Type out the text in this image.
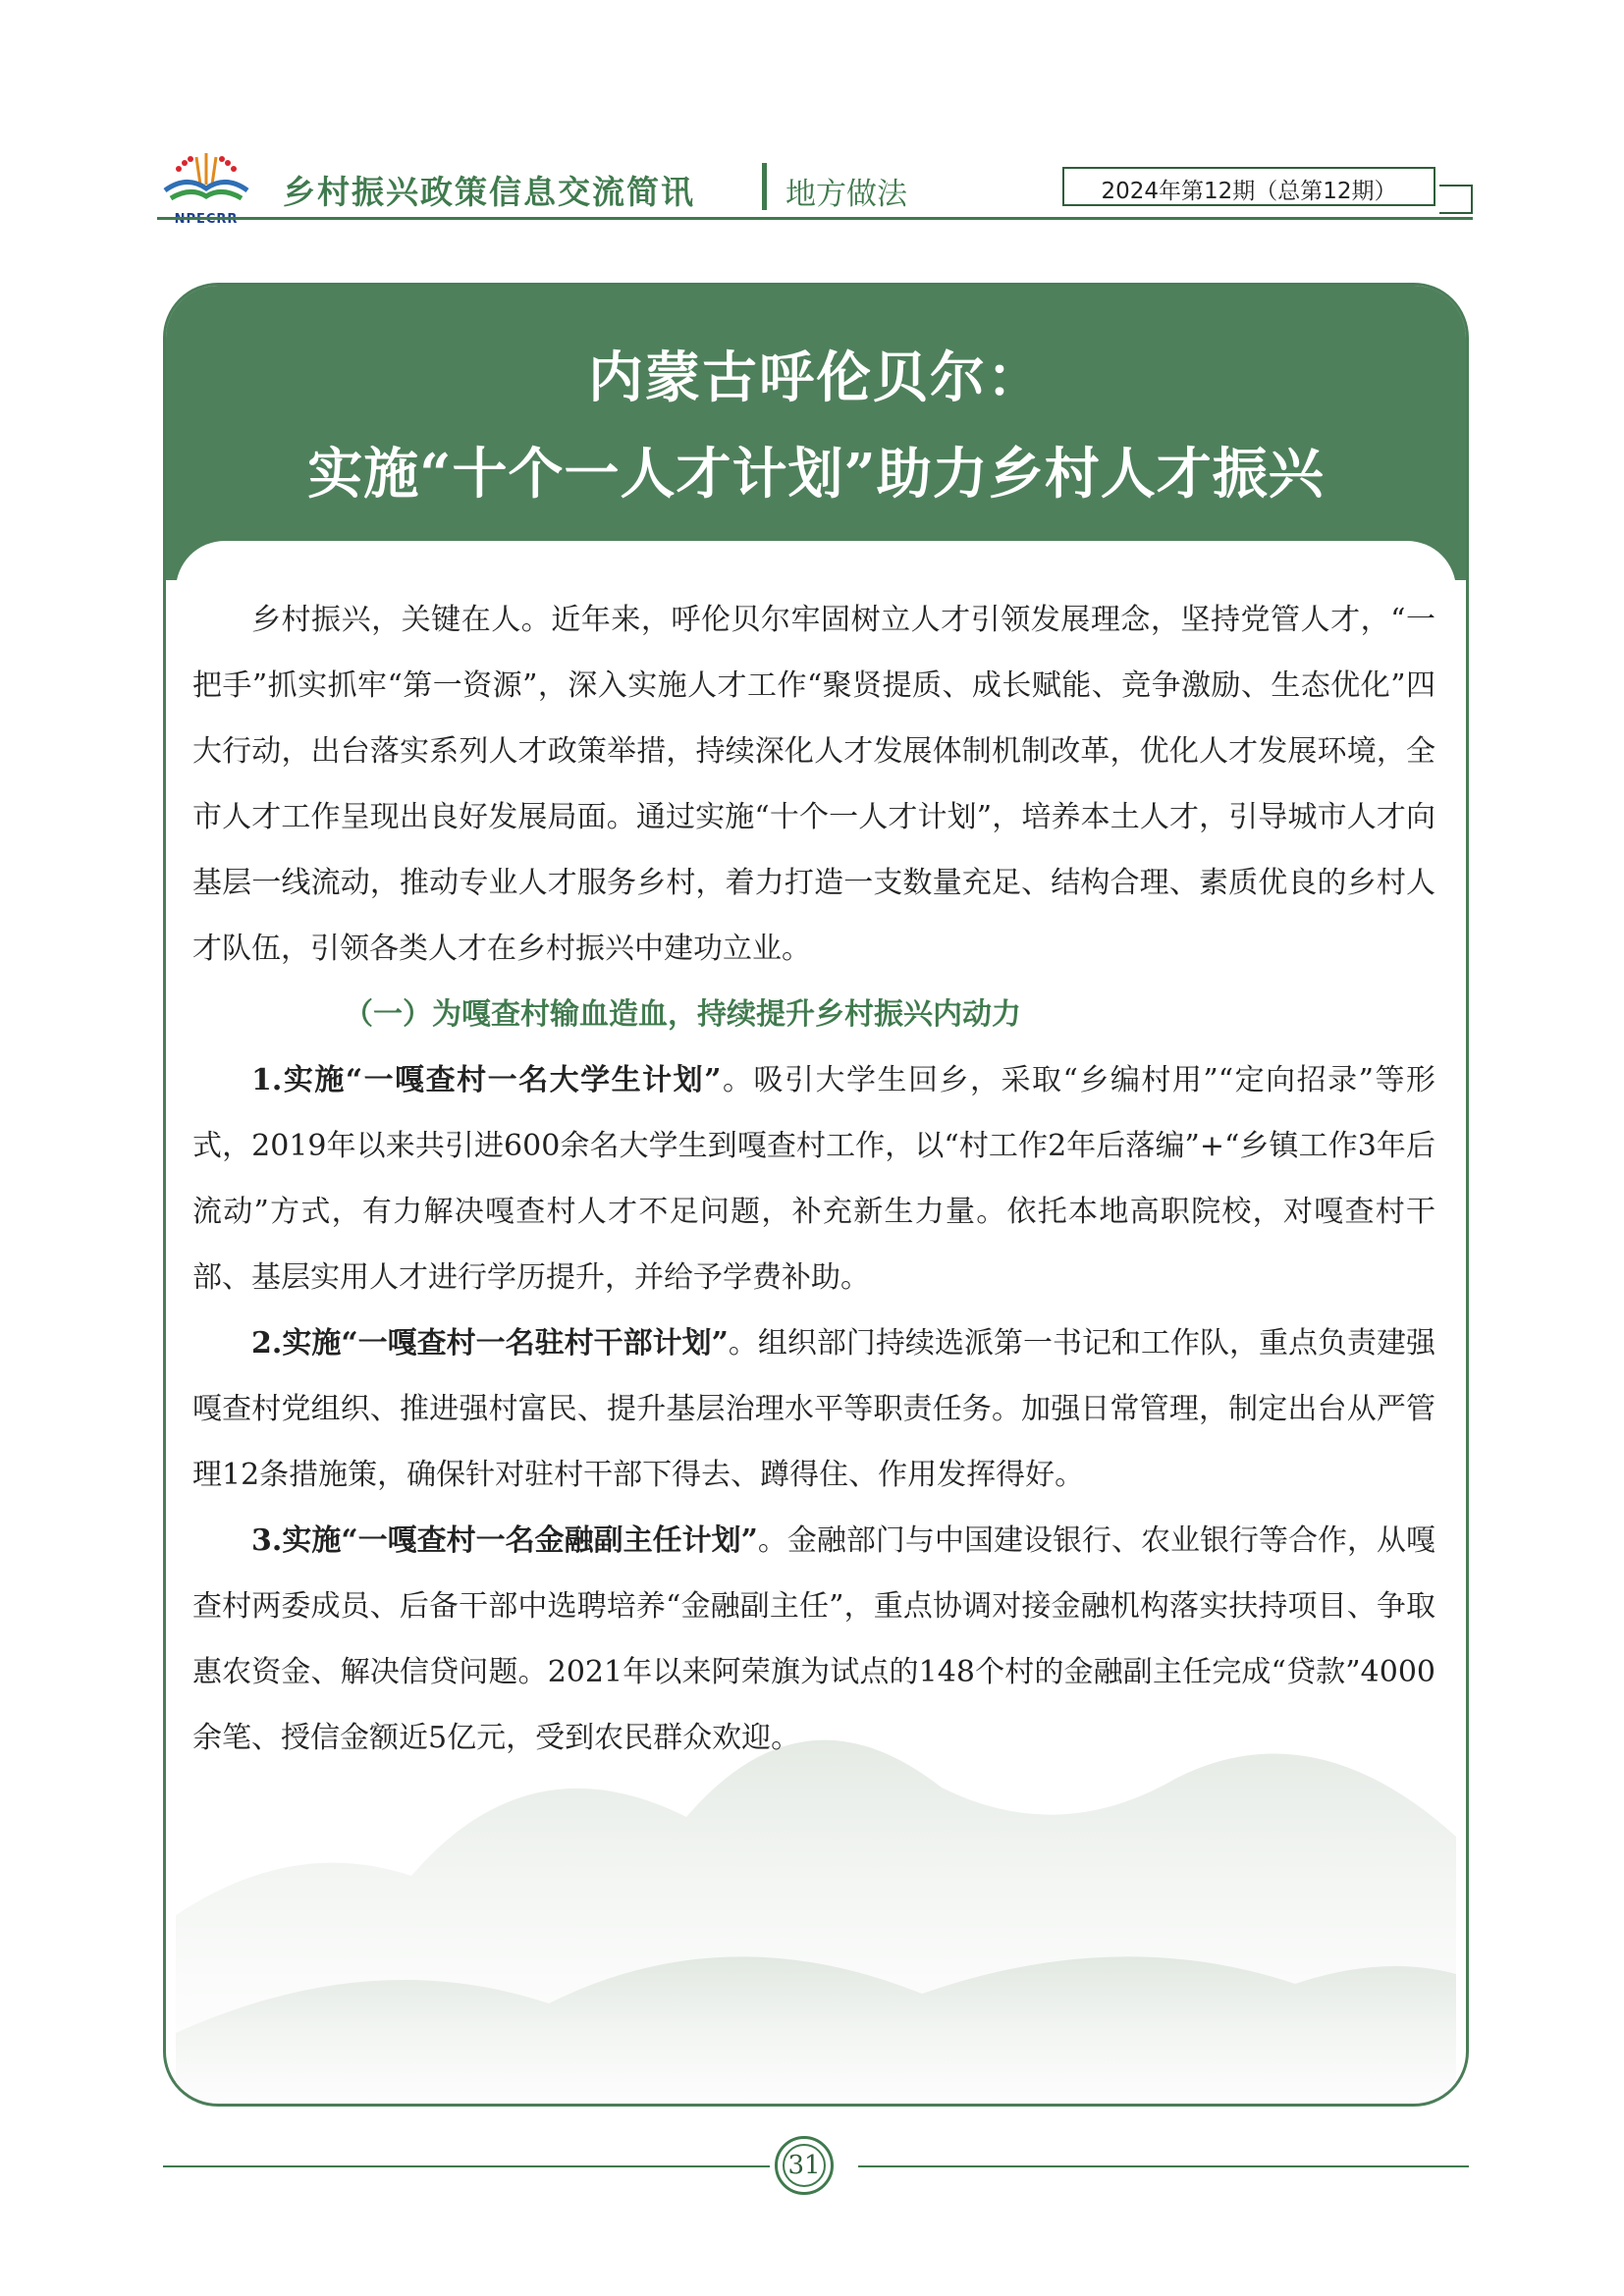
乡村振兴政策信息交流简讯	地方做法	2024年第12期（总第12期）
内蒙古呼伦贝尔：
实施“十个一人才计划”助力乡村人才振兴

乡村振兴，关键在人。近年来，呼伦贝尔牢固树立人才引领发展理念，坚持党管人才，“一把手”抓实抓牢“第一资源”，深入实施人才工作“聚贤提质、成长赋能、竞争激励、生态优化”四大行动，出台落实系列人才政策举措，持续深化人才发展体制机制改革，优化人才发展环境，全市人才工作呈现出良好发展局面。通过实施“十个一人才计划”，培养本土人才，引导城市人才向基层一线流动，推动专业人才服务乡村，着力打造一支数量充足、结构合理、素质优良的乡村人才队伍，引领各类人才在乡村振兴中建功立业。

（一）为嘎查村输血造血，持续提升乡村振兴内动力

1.实施“一嘎查村一名大学生计划”。吸引大学生回乡，采取“乡编村用”“定向招录”等形式，2019年以来共引进600余名大学生到嘎查村工作，以“村工作2年后落编”+“乡镇工作3年后流动”方式，有力解决嘎查村人才不足问题，补充新生力量。依托本地高职院校，对嘎查村干部、基层实用人才进行学历提升，并给予学费补助。

2.实施“一嘎查村一名驻村干部计划”。组织部门持续选派第一书记和工作队，重点负责建强嘎查村党组织、推进强村富民、提升基层治理水平等职责任务。加强日常管理，制定出台从严管理12条措施策，确保针对驻村干部下得去、蹲得住、作用发挥得好。

3.实施“一嘎查村一名金融副主任计划”。金融部门与中国建设银行、农业银行等合作，从嘎查村两委成员、后备干部中选聘培养“金融副主任”，重点协调对接金融机构落实扶持项目、争取惠农资金、解决信贷问题。2021年以来阿荣旗为试点的148个村的金融副主任完成“贷款”4000余笔、授信金额近5亿元，受到农民群众欢迎。

31
